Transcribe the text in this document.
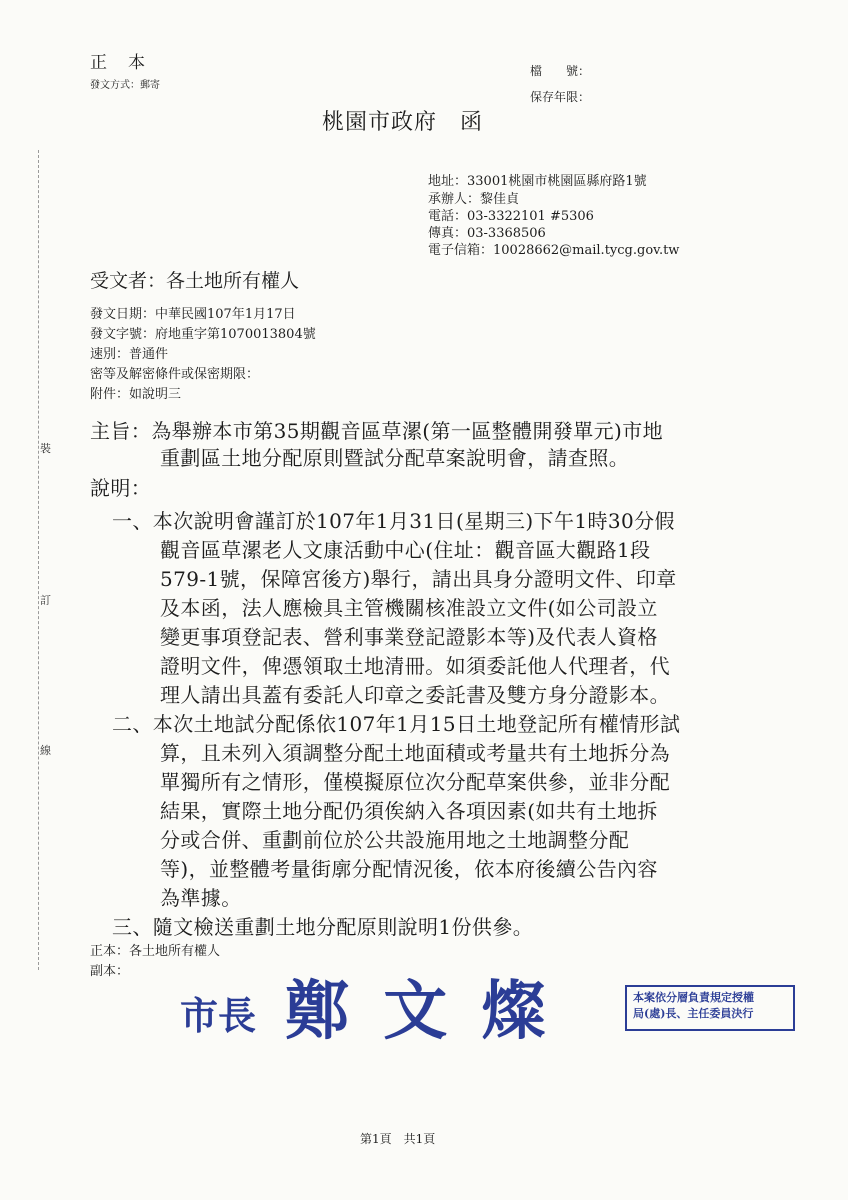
裝
訂
線
正　本
發文方式：郵寄
檔　　號：
保存年限：
桃園市政府　函
地址：33001桃園市桃園區縣府路1號
承辦人：黎佳貞
電話：03-3322101 #5306
傳真：03-3368506
電子信箱：10028662@mail.tycg.gov.tw
受文者：各土地所有權人
發文日期：中華民國107年1月17日
發文字號：府地重字第1070013804號
速別：普通件
密等及解密條件或保密期限：
附件：如說明三
主旨：為舉辦本市第35期觀音區草漯(第一區整體開發單元)市地
重劃區土地分配原則暨試分配草案說明會，請查照。
說明：
一、本次說明會謹訂於107年1月31日(星期三)下午1時30分假
觀音區草漯老人文康活動中心(住址：觀音區大觀路1段
579-1號，保障宮後方)舉行，請出具身分證明文件、印章
及本函，法人應檢具主管機關核准設立文件(如公司設立
變更事項登記表、營利事業登記證影本等)及代表人資格
證明文件，俾憑領取土地清冊。如須委託他人代理者，代
理人請出具蓋有委託人印章之委託書及雙方身分證影本。
二、本次土地試分配係依107年1月15日土地登記所有權情形試
算，且未列入須調整分配土地面積或考量共有土地拆分為
單獨所有之情形，僅模擬原位次分配草案供參，並非分配
結果，實際土地分配仍須俟納入各項因素(如共有土地拆
分或合併、重劃前位於公共設施用地之土地調整分配
等)，並整體考量街廓分配情況後，依本府後續公告內容
為準據。
三、隨文檢送重劃土地分配原則說明1份供參。
正本：各土地所有權人
副本：
市長 鄭 文 燦	本案依分層負責規定授權
局(處)長、主任委員決行
第1頁　共1頁
